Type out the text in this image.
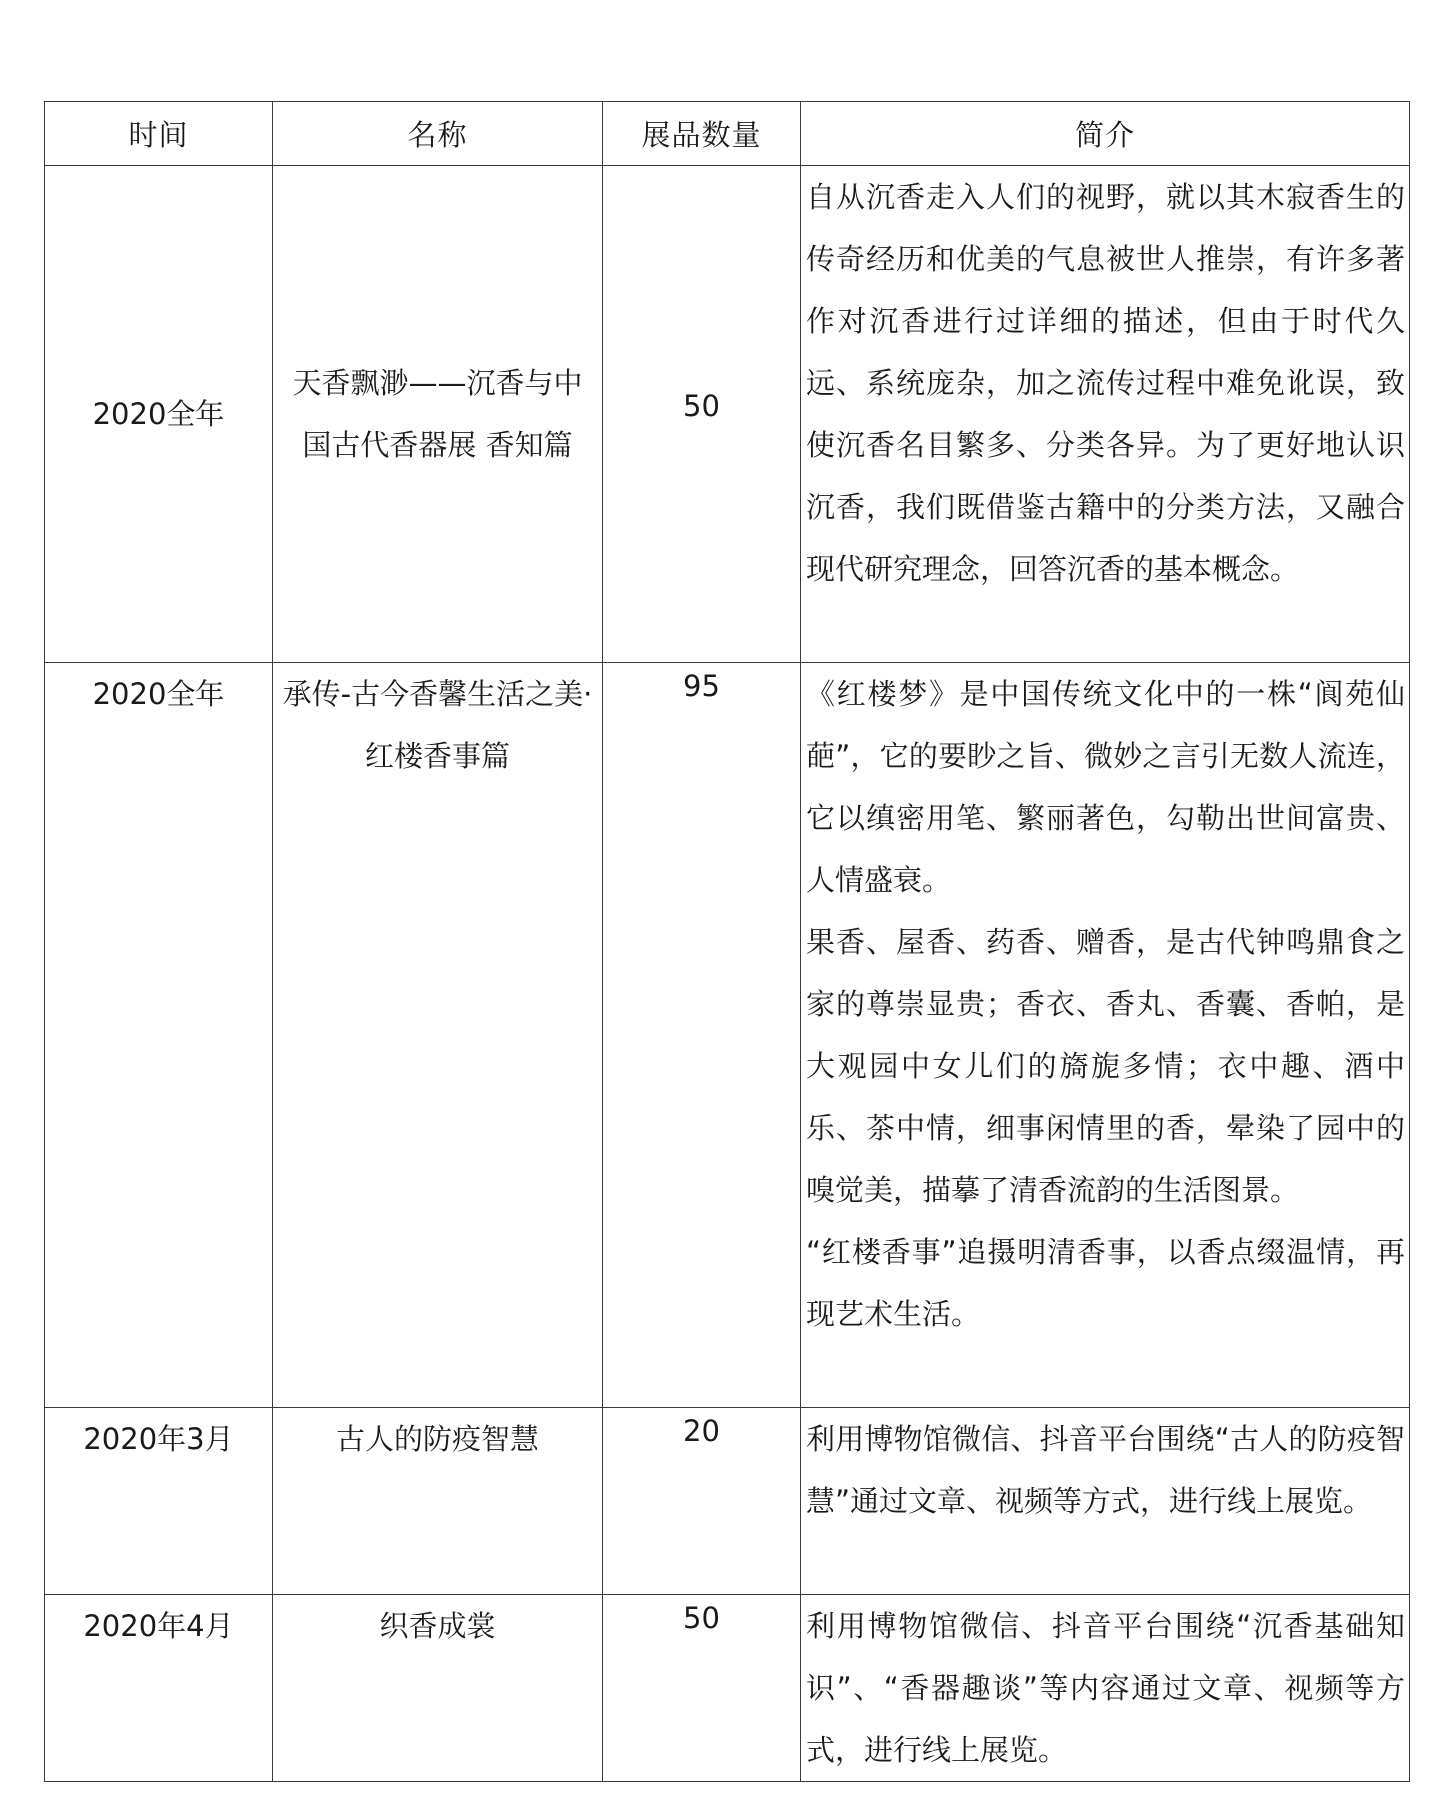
时间	名称	展品数量	简介

2020全年	天香飘渺——沉香与中国古代香器展 香知篇	50	自从沉香走入人们的视野，就以其木寂香生的传奇经历和优美的气息被世人推崇，有许多著作对沉香进行过详细的描述，但由于时代久远、系统庞杂，加之流传过程中难免讹误，致使沉香名目繁多、分类各异。为了更好地认识沉香，我们既借鉴古籍中的分类方法，又融合现代研究理念，回答沉香的基本概念。

2020全年	承传-古今香馨生活之美·红楼香事篇	95	《红楼梦》是中国传统文化中的一株“阆苑仙葩”，它的要眇之旨、微妙之言引无数人流连，它以缜密用笔、繁丽著色，勾勒出世间富贵、人情盛衰。

果香、屋香、药香、赠香，是古代钟鸣鼎食之家的尊崇显贵；香衣、香丸、香囊、香帕，是大观园中女儿们的旖旎多情；衣中趣、酒中乐、茶中情，细事闲情里的香，晕染了园中的嗅觉美，描摹了清香流韵的生活图景。

“红楼香事”追摄明清香事，以香点缀温情，再现艺术生活。

2020年3月	古人的防疫智慧	20	利用博物馆微信、抖音平台围绕“古人的防疫智慧”通过文章、视频等方式，进行线上展览。

2020年4月	织香成裳	50	利用博物馆微信、抖音平台围绕“沉香基础知识”、“香器趣谈”等内容通过文章、视频等方式，进行线上展览。
